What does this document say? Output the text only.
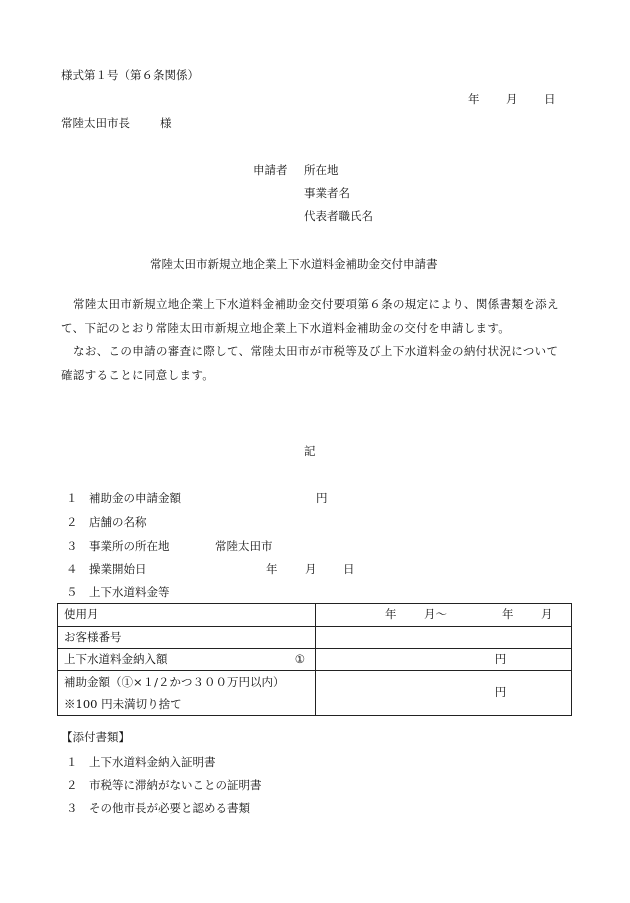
様式第１号（第６条関係）
年 月 日
常陸太田市長	様
申請者 所在地
事業者名
代表者職氏名
常陸太田市新規立地企業上下水道料金補助金交付申請書

常陸太田市新規立地企業上下水道料金補助金交付要項第６条の規定により、関係書類を添えて、下記のとおり常陸太田市新規立地企業上下水道料金補助金の交付を申請します。

なお、この申請の審査に際して、常陸太田市が市税等及び上下水道料金の納付状況について確認することに同意します。

記
１ 補助金の申請金額	円
２ 店舗の名称
３ 事業所の所在地	常陸太田市
４ 操業開始日	年 月 日
５ 上下水道料金等
使用月	年 月～ 年 月

お客様番号	
上下水道料金納入額 ①	円

補助金額（①×１/２かつ３００万円以内）
※100 円未満切り捨て	円
【添付書類】
１ 上下水道料金納入証明書
２ 市税等に滞納がないことの証明書
３ その他市長が必要と認める書類
